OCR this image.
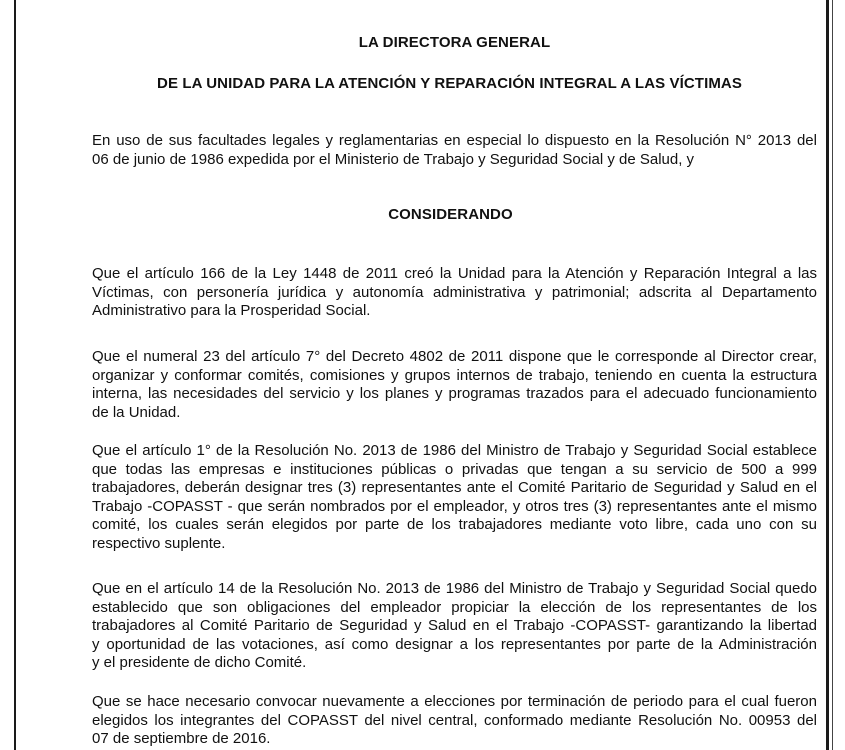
LA DIRECTORA GENERAL
DE LA UNIDAD PARA LA ATENCIÓN Y REPARACIÓN INTEGRAL A LAS VÍCTIMAS
En uso de sus facultades legales y reglamentarias en especial lo dispuesto en la Resolución N° 2013 del
06 de junio de 1986 expedida por el Ministerio de Trabajo y Seguridad Social y de Salud, y
CONSIDERANDO
Que el artículo 166 de la Ley 1448 de 2011 creó la Unidad para la Atención y Reparación Integral a las
Víctimas, con personería jurídica y autonomía administrativa y patrimonial; adscrita al Departamento
Administrativo para la Prosperidad Social.
Que el numeral 23 del artículo 7° del Decreto 4802 de 2011 dispone que le corresponde al Director crear,
organizar y conformar comités, comisiones y grupos internos de trabajo, teniendo en cuenta la estructura
interna, las necesidades del servicio y los planes y programas trazados para el adecuado funcionamiento
de la Unidad.
Que el artículo 1° de la Resolución No. 2013 de 1986 del Ministro de Trabajo y Seguridad Social establece
que todas las empresas e instituciones públicas o privadas que tengan a su servicio de 500 a 999
trabajadores, deberán designar tres (3) representantes ante el Comité Paritario de Seguridad y Salud en el
Trabajo -COPASST - que serán nombrados por el empleador, y otros tres (3) representantes ante el mismo
comité, los cuales serán elegidos por parte de los trabajadores mediante voto libre, cada uno con su
respectivo suplente.
Que en el artículo 14 de la Resolución No. 2013 de 1986 del Ministro de Trabajo y Seguridad Social quedo
establecido que son obligaciones del empleador propiciar la elección de los representantes de los
trabajadores al Comité Paritario de Seguridad y Salud en el Trabajo -COPASST- garantizando la libertad
y oportunidad de las votaciones, así como designar a los representantes por parte de la Administración
y el presidente de dicho Comité.
Que se hace necesario convocar nuevamente a elecciones por terminación de periodo para el cual fueron
elegidos los integrantes del COPASST del nivel central, conformado mediante Resolución No. 00953 del
07 de septiembre de 2016.
